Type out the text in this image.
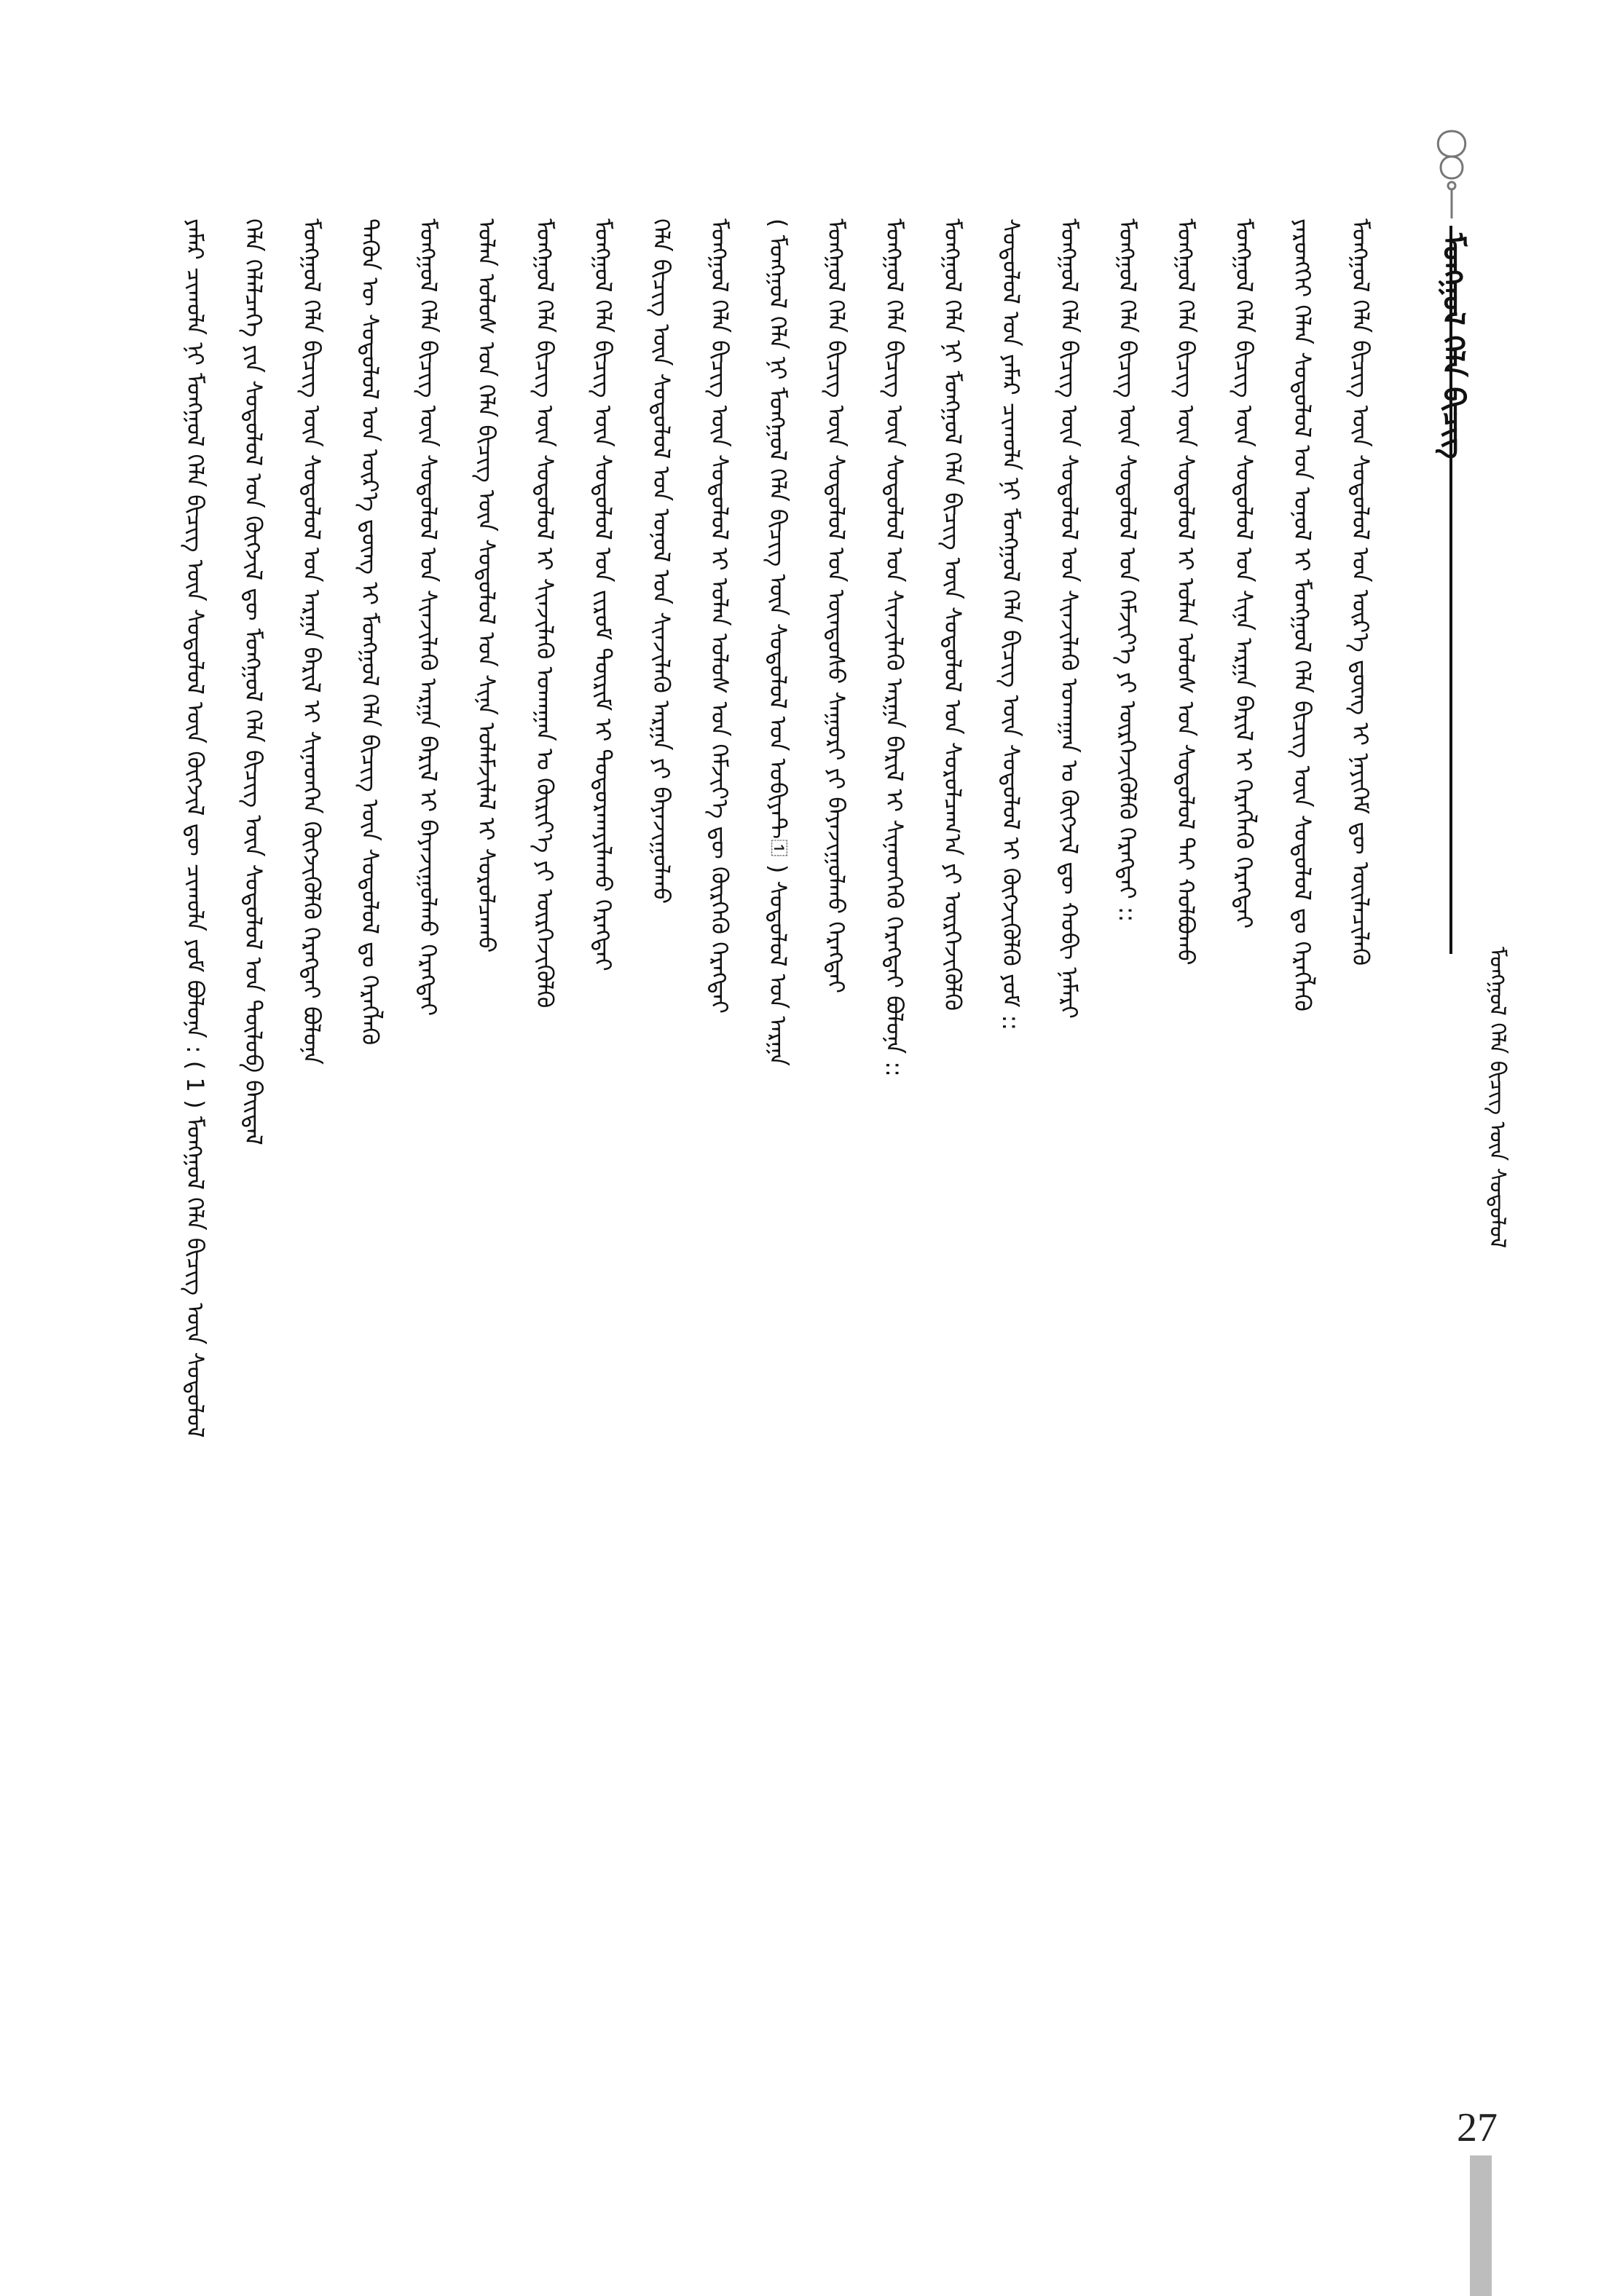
ᠮᠣᠩᠭᠣᠯ ᠬᠡᠯᠡ ᠪᠢᠴᠢᠭ
ᠮᠣᠩᠭᠣᠯ ᠬᠡᠯᠡ ᠪᠢᠴᠢᠭ ᠦᠨ ᠰᠤᠳᠤᠯᠤᠯ
ᠶᠠᠮᠠᠷ ᠴᠢᠬᠤᠯᠠ ᠨᠢ ᠮᠣᠩᠭᠣᠯ ᠬᠡᠯᠡ ᠪᠢᠴᠢᠭ ᠦᠨ ᠰᠤᠳᠤᠯᠤᠯ ᠦᠨ ᠬᠥᠭᠵᠢᠯ ᠳᠦ ᠴᠢᠬᠤᠯᠠ ᠶᠤᠮ ᠪᠣᠯᠤᠨᠠ : ( 1 ) ᠮᠣᠩᠭᠣᠯ ᠬᠡᠯᠡ ᠪᠢᠴᠢᠭ ᠦᠨ ᠰᠤᠳᠤᠯᠤᠯ ᠬᠡᠯᠡ ᠬᠡᠯᠡᠯᠴᠡᠭᠡ ᠶᠢᠨ ᠰᠤᠳᠤᠯᠤᠯ ᠤᠨ ᠬᠥᠭᠵᠢᠯ ᠳᠦ ᠮᠣᠩᠭᠣᠯ ᠬᠡᠯᠡ ᠪᠢᠴᠢᠭ ᠦᠨ ᠰᠤᠳᠤᠯᠤᠯ ᠤᠨ ᠲᠥᠯᠥᠪ ᠪᠠᠢᠳᠠᠯ ᠮᠣᠩᠭᠣᠯ ᠬᠡᠯᠡ ᠪᠢᠴᠢᠭ ᠦᠨ ᠰᠤᠳᠤᠯᠤᠯ ᠤᠨ ᠠᠷᠭᠠ ᠪᠠᠷᠢᠯ ᠢ ᠰᠢᠨᠡᠳᠬᠡᠨ ᠬᠥᠭᠵᠢᠭᠦᠯᠬᠦ ᠬᠡᠷᠡᠭᠲᠡᠢ ᠪᠣᠯᠤᠨᠠ ᠲᠡᠭᠦᠨ ᠦ ᠰᠤᠳᠤᠯᠤᠯ ᠤᠨ ᠦᠷ᠎ᠡ ᠳ᠋ᠦᠩ ᠢ ᠮᠣᠩᠭᠣᠯ ᠬᠡᠯᠡ ᠪᠢᠴᠢᠭ ᠦᠨ ᠰᠤᠳᠤᠯᠤᠯ ᠳᠤ ᠬᠡᠷᠡᠭᠯᠡᠬᠦ ᠮᠣᠩᠭᠣᠯ ᠬᠡᠯᠡ ᠪᠢᠴᠢᠭ ᠦᠨ ᠰᠤᠳᠤᠯᠤᠯ ᠤᠨ ᠰᠢᠨᠵᠢᠯᠡᠬᠦ ᠠᠷᠭᠠ ᠪᠠᠷᠢᠯ ᠢ ᠪᠠᠶᠠᠵᠢᠭᠤᠯᠬᠤ ᠬᠡᠷᠡᠭᠲᠡᠢ ᠣᠯᠠᠨ ᠤᠯᠤᠰ ᠤᠨ ᠬᠡᠯᠡ ᠪᠢᠴᠢᠭ ᠦᠨ ᠰᠤᠳᠤᠯᠤᠯ ᠤᠨ ᠰᠢᠨᠡ ᠤᠯᠠᠮᠵᠢᠯᠠᠯ ᠢ ᠰᠤᠷᠤᠯᠴᠠᠬᠤ ᠮᠣᠩᠭᠣᠯ ᠬᠡᠯᠡ ᠪᠢᠴᠢᠭ ᠦᠨ ᠰᠤᠳᠤᠯᠤᠯ ᠢ ᠰᠢᠨᠵᠢᠯᠡᠬᠦ ᠤᠬᠠᠭᠠᠨ ᠤ ᠬᠦᠷᠢᠶ᠎ᠡ ᠶᠢ ᠥᠷᠭᠡᠵᠢᠭᠦᠯᠬᠦ ᠮᠣᠩᠭᠣᠯ ᠬᠡᠯᠡ ᠪᠢᠴᠢᠭ ᠦᠨ ᠰᠤᠳᠤᠯᠤᠯ ᠤᠨ ᠵᠢᠷᠤᠮ ᠳᠦᠷᠢᠮ ᠢ ᠲᠣᠳᠣᠷᠬᠠᠶᠢᠯᠠᠬᠤ ᠬᠡᠷᠡᠭᠲᠡᠢ ᠬᠡᠯᠡ ᠪᠢᠴᠢᠭ ᠦᠨ ᠰᠤᠳᠤᠯᠤᠯ ᠤᠨ ᠣᠨᠣᠯ ᠤᠨ ᠰᠢᠨᠵᠢᠯᠡᠬᠦ ᠠᠷᠭᠠ ᠶᠢ ᠪᠠᠶᠠᠵᠢᠭᠤᠯᠬᠤ ᠮᠣᠩᠭᠣᠯ ᠬᠡᠯᠡ ᠪᠢᠴᠢᠭ ᠦᠨ ᠰᠤᠳᠤᠯᠤᠯ ᠢ ᠣᠯᠠᠨ ᠤᠯᠤᠰ ᠤᠨ ᠬᠡᠮᠵᠢᠶ᠎ᠡ ᠳᠦ ᠬᠦᠷᠭᠡᠬᠦ ᠬᠡᠷᠡᠭᠲᠡᠢ ( ᠮᠣᠩᠭᠣᠯ ᠬᠡᠯᠡ ᠨᠢ ᠮᠣᠩᠭᠣᠯ ᠬᠡᠯᠡ ᠪᠢᠴᠢᠭ ᠦᠨ ᠰᠤᠳᠤᠯᠤᠯ ᠤᠨ ᠣᠪᠢᠶᠠᠲ᠋ ) ᠰᠤᠳᠤᠯᠤᠯ ᠤᠨ ᠠᠷᠭᠠ ᠮᠣᠩᠭᠣᠯ ᠬᠡᠯᠡ ᠪᠢᠴᠢᠭ ᠦᠨ ᠰᠤᠳᠤᠯᠤᠯ ᠤᠨ ᠦᠨᠳᠦᠰᠦ ᠰᠠᠭᠤᠷᠢ ᠶᠢ ᠪᠠᠶᠠᠵᠢᠭᠤᠯᠬᠤ ᠬᠡᠷᠡᠭᠲᠡᠢ ᠮᠣᠩᠭᠣᠯ ᠬᠡᠯᠡ ᠪᠢᠴᠢᠭ ᠦᠨ ᠰᠤᠳᠤᠯᠤᠯ ᠤᠨ ᠰᠢᠨᠵᠢᠯᠡᠬᠦ ᠠᠷᠭᠠ ᠪᠠᠷᠢᠯ ᠢ ᠰᠢᠨᠡᠳᠬᠡᠬᠦ ᠬᠡᠷᠡᠭᠲᠡᠢ ᠪᠣᠯᠤᠨᠠ :: ᠮᠣᠩᠭᠣᠯ ᠬᠡᠯᠡ ᠨᠢ ᠮᠣᠩᠭᠣᠯ ᠬᠡᠯᠡ ᠪᠢᠴᠢᠭ ᠦᠨ ᠰᠤᠳᠤᠯᠤᠯ ᠤᠨ ᠰᠤᠷᠤᠯᠴᠠᠭ᠎ᠠ ᠶᠢ ᠥᠷᠭᠡᠵᠢᠭᠦᠯᠬᠦ ᠰᠤᠳᠤᠯᠤᠯ ᠤᠨ ᠶᠠᠮᠠᠷ ᠴᠢᠬᠤᠯᠠ ᠨᠢ ᠮᠣᠩᠭᠣᠯ ᠬᠡᠯᠡ ᠪᠢᠴᠢᠭ ᠦᠨ ᠰᠤᠳᠤᠯᠤᠯ ᠢ ᠬᠥᠭᠵᠢᠭᠦᠯᠬᠦ ᠶᠤᠮ :: ᠮᠣᠩᠭᠣᠯ ᠬᠡᠯᠡ ᠪᠢᠴᠢᠭ ᠦᠨ ᠰᠤᠳᠤᠯᠤᠯ ᠤᠨ ᠰᠢᠨᠵᠢᠯᠡᠬᠦ ᠤᠬᠠᠭᠠᠨ ᠤ ᠬᠥᠭᠵᠢᠯ ᠳᠦ ᠬᠤᠪᠢ ᠨᠡᠮᠡᠷᠢ ᠮᠣᠩᠭᠣᠯ ᠬᠡᠯᠡ ᠪᠢᠴᠢᠭ ᠦᠨ ᠰᠤᠳᠤᠯᠤᠯ ᠤᠨ ᠬᠡᠮᠵᠢᠶ᠎ᠡ ᠶᠢ ᠥᠷᠭᠡᠵᠢᠭᠦᠯᠬᠦ ᠬᠡᠷᠡᠭᠲᠡᠢ :: ᠮᠣᠩᠭᠣᠯ ᠬᠡᠯᠡ ᠪᠢᠴᠢᠭ ᠦᠨ ᠰᠤᠳᠤᠯᠤᠯ ᠢ ᠣᠯᠠᠨ ᠤᠯᠤᠰ ᠤᠨ ᠰᠤᠳᠤᠯᠤᠯ ᠲᠠᠢ ᠬᠣᠯᠪᠣᠬᠤ ᠮᠣᠩᠭᠣᠯ ᠬᠡᠯᠡ ᠪᠢᠴᠢᠭ ᠦᠨ ᠰᠤᠳᠤᠯᠤᠯ ᠤᠨ ᠰᠢᠨᠡ ᠠᠷᠭᠠ ᠪᠠᠷᠢᠯ ᠢ ᠬᠡᠷᠡᠭᠯᠡᠬᠦ ᠬᠡᠷᠡᠭᠲᠡᠢ ᠶᠡᠷᠦᠩᠬᠡᠢ ᠬᠡᠯᠡᠨ ᠰᠤᠳᠤᠯᠤᠯ ᠤᠨ ᠣᠨᠣᠯ ᠢ ᠮᠣᠩᠭᠣᠯ ᠬᠡᠯᠡ ᠪᠢᠴᠢᠭ ᠦᠨ ᠰᠤᠳᠤᠯᠤᠯ ᠳᠤ ᠬᠡᠷᠡᠭᠯᠡᠬᠦ ᠮᠣᠩᠭᠣᠯ ᠬᠡᠯᠡ ᠪᠢᠴᠢᠭ ᠦᠨ ᠰᠤᠳᠤᠯᠤᠯ ᠤᠨ ᠦᠷ᠎ᠡ ᠳ᠋ᠦᠩ ᠢ ᠨᠡᠶᠢᠭᠡᠮ ᠳᠦ ᠦᠢᠯᠡᠴᠢᠯᠡᠬᠦ
27
